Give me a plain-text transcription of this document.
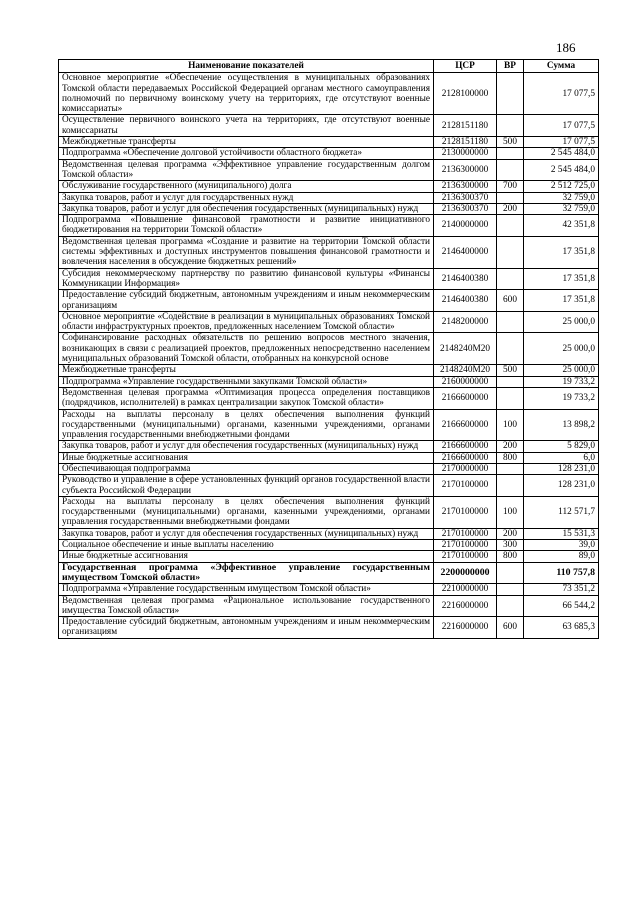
186
Наименование показателей	ЦСР	ВР	Сумма
Основное мероприятие «Обеспечение осуществления в муниципальных образованиях Томской области передаваемых Российской Федерацией органам местного самоуправления полномочий по первичному воинскому учету на территориях, где отсутствуют военные комиссариаты»	2128100000		17 077,5
Осуществление первичного воинского учета на территориях, где отсутствуют военные комиссариаты	2128151180		17 077,5
Межбюджетные трансферты	2128151180	500	17 077,5
Подпрограмма «Обеспечение долговой устойчивости областного бюджета»	2130000000		2 545 484,0
Ведомственная целевая программа «Эффективное управление государственным долгом Томской области»	2136300000		2 545 484,0
Обслуживание государственного (муниципального) долга	2136300000	700	2 512 725,0
Закупка товаров, работ и услуг для государственных нужд	2136300370		32 759,0
Закупка товаров, работ и услуг для обеспечения государственных (муниципальных) нужд	2136300370	200	32 759,0
Подпрограмма «Повышение финансовой грамотности и развитие инициативного бюджетирования на территории Томской области»	2140000000		42 351,8
Ведомственная целевая программа «Создание и развитие на территории Томской области системы эффективных и доступных инструментов повышения финансовой грамотности и вовлечения населения в обсуждение бюджетных решений»	2146400000		17 351,8
Субсидия некоммерческому партнерству по развитию финансовой культуры «Финансы Коммуникации Информация»	2146400380		17 351,8
Предоставление субсидий бюджетным, автономным учреждениям и иным некоммерческим организациям	2146400380	600	17 351,8
Основное мероприятие «Содействие в реализации в муниципальных образованиях Томской области инфраструктурных проектов, предложенных населением Томской области»	2148200000		25 000,0
Софинансирование расходных обязательств по решению вопросов местного значения, возникающих в связи с реализацией проектов, предложенных непосредственно населением муниципальных образований Томской области, отобранных на конкурсной основе	2148240М20		25 000,0
Межбюджетные трансферты	2148240М20	500	25 000,0
Подпрограмма «Управление государственными закупками Томской области»	2160000000		19 733,2
Ведомственная целевая программа «Оптимизация процесса определения поставщиков (подрядчиков, исполнителей) в рамках централизации закупок Томской области»	2166600000		19 733,2
Расходы на выплаты персоналу в целях обеспечения выполнения функций государственными (муниципальными) органами, казенными учреждениями, органами управления государственными внебюджетными фондами	2166600000	100	13 898,2
Закупка товаров, работ и услуг для обеспечения государственных (муниципальных) нужд	2166600000	200	5 829,0
Иные бюджетные ассигнования	2166600000	800	6,0
Обеспечивающая подпрограмма	2170000000		128 231,0
Руководство и управление в сфере установленных функций органов государственной власти субъекта Российской Федерации	2170100000		128 231,0
Расходы на выплаты персоналу в целях обеспечения выполнения функций государственными (муниципальными) органами, казенными учреждениями, органами управления государственными внебюджетными фондами	2170100000	100	112 571,7
Закупка товаров, работ и услуг для обеспечения государственных (муниципальных) нужд	2170100000	200	15 531,3
Социальное обеспечение и иные выплаты населению	2170100000	300	39,0
Иные бюджетные ассигнования	2170100000	800	89,0
Государственная программа «Эффективное управление государственным имуществом Томской области»	2200000000		110 757,8
Подпрограмма «Управление государственным имуществом Томской области»	2210000000		73 351,2
Ведомственная целевая программа «Рациональное использование государственного имущества Томской области»	2216000000		66 544,2
Предоставление субсидий бюджетным, автономным учреждениям и иным некоммерческим организациям	2216000000	600	63 685,3
